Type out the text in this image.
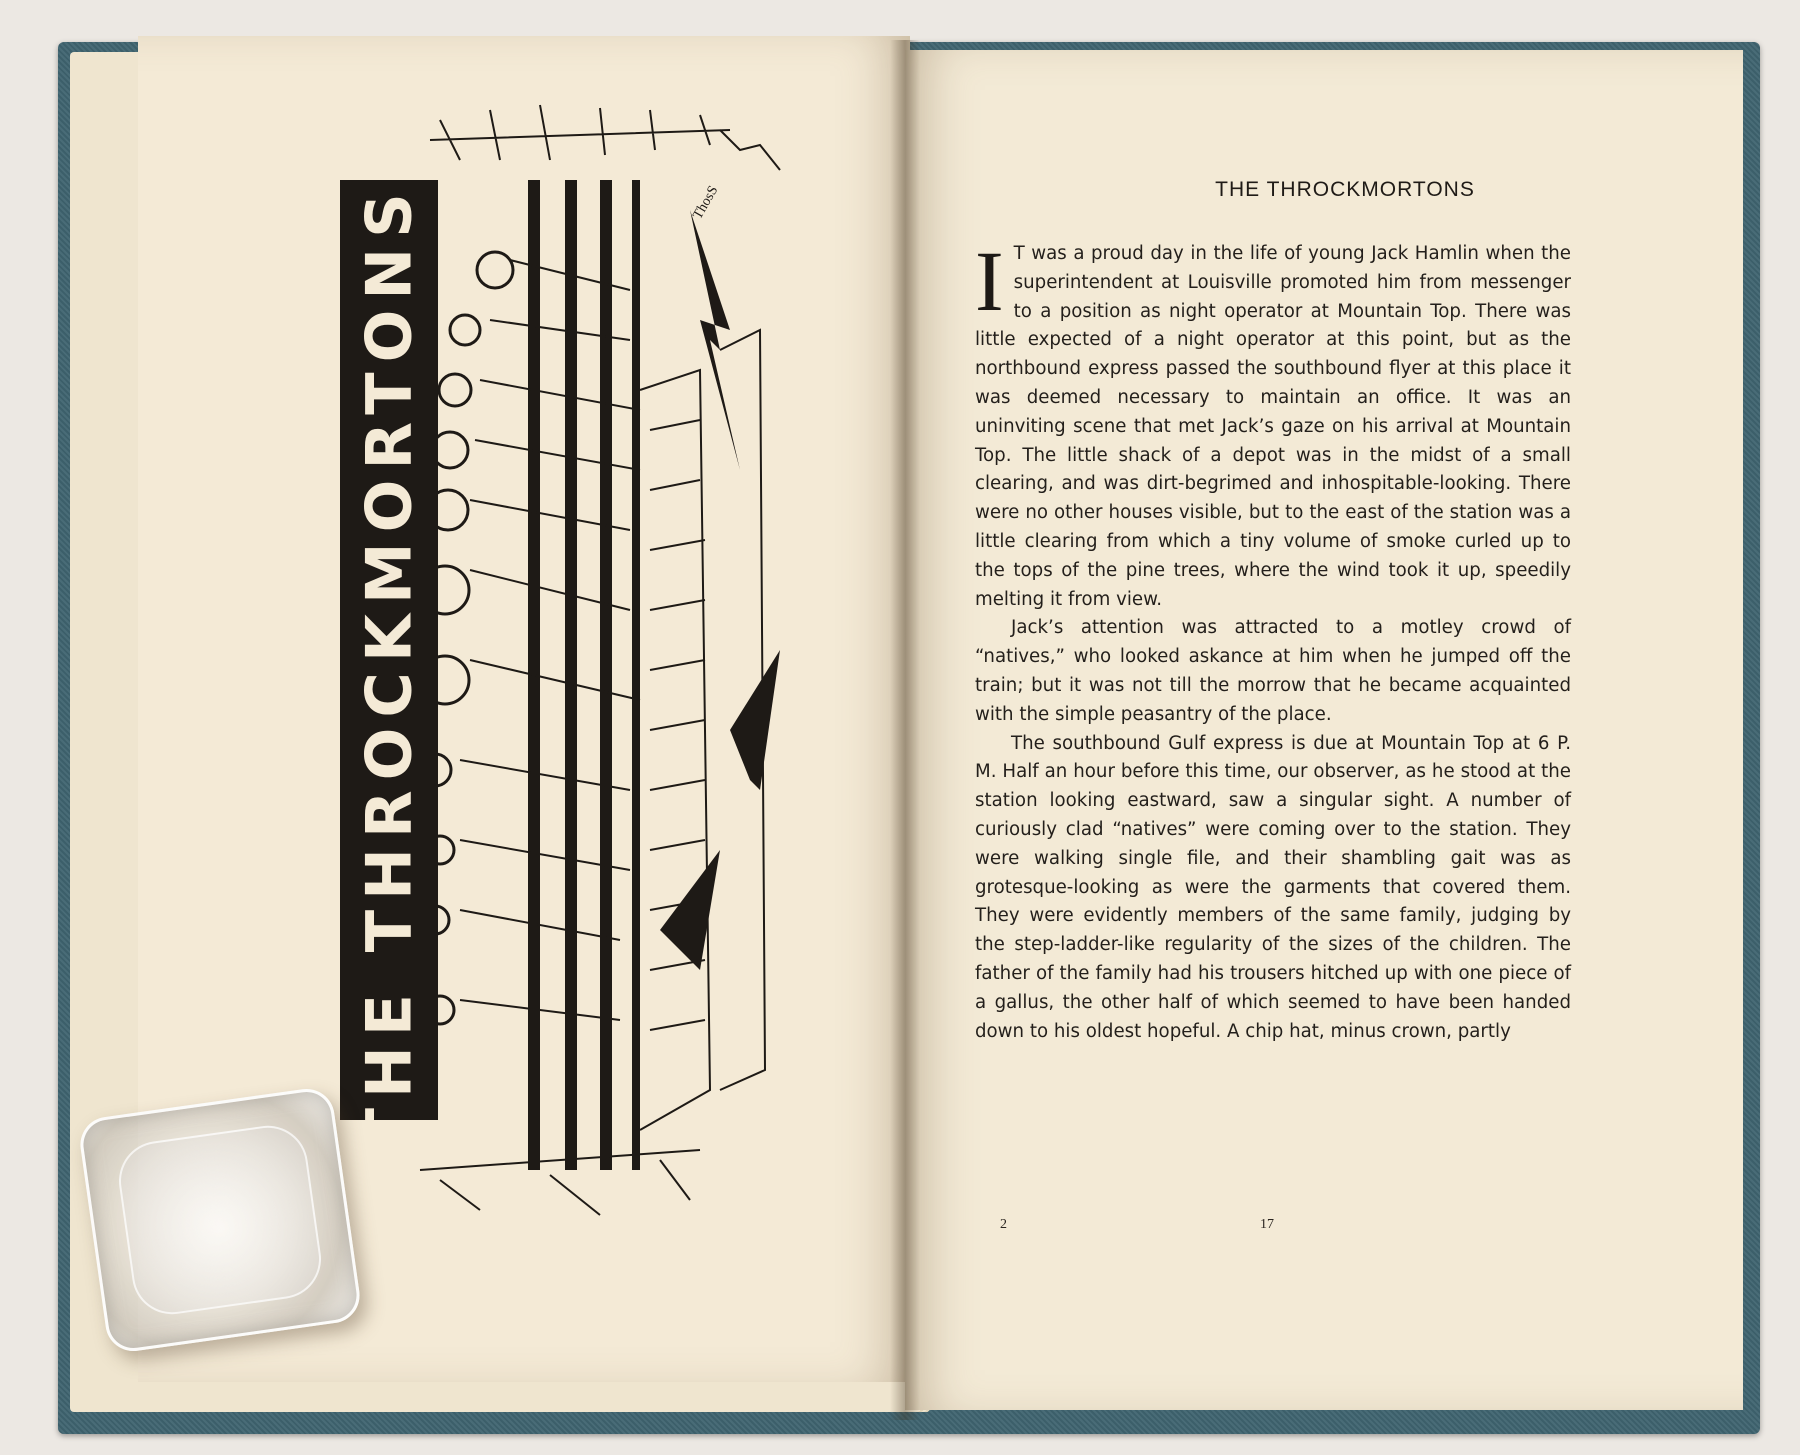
ThosS
THE THROCKMORTONS.	THE THROCKMORTONS

I T was a proud day in the life of young Jack Hamlin when the superintendent at Louisville promoted him from messenger to a position as night operator at Mountain Top. There was little expected of a night operator at this point, but as the northbound express passed the southbound flyer at this place it was deemed necessary to maintain an office. It was an uninviting scene that met Jack’s gaze on his arrival at Mountain Top. The little shack of a depot was in the midst of a small clearing, and was dirt-begrimed and inhospitable-looking. There were no other houses visible, but to the east of the station was a little clearing from which a tiny volume of smoke curled up to the tops of the pine trees, where the wind took it up, speedily melting it from view.

Jack’s attention was attracted to a motley crowd of “natives,” who looked askance at him when he jumped off the train; but it was not till the morrow that he became acquainted with the simple peasantry of the place.

The southbound Gulf express is due at Mountain Top at 6 P. M. Half an hour before this time, our observer, as he stood at the station looking eastward, saw a singular sight. A number of curiously clad “natives” were coming over to the station. They were walking single file, and their shambling gait was as grotesque-looking as were the garments that covered them. They were evidently members of the same family, judging by the step-ladder-like regularity of the sizes of the children. The father of the family had his trousers hitched up with one piece of a gallus, the other half of which seemed to have been handed down to his oldest hopeful. A chip hat, minus crown, partly

2	17
